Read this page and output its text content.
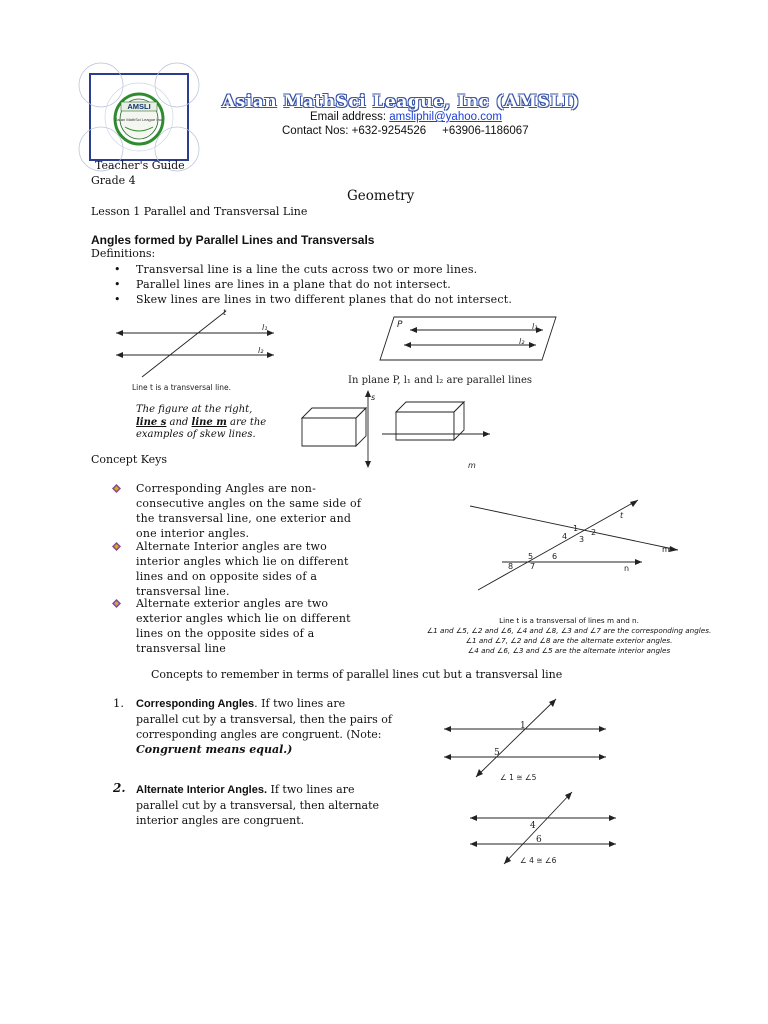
AMSLI
Asian MathSci League Inc.
Asian MathSci League, Inc (AMSLI)
Email address: amsliphil@yahoo.com
Contact Nos: +632-9254526     +63906-1186067
Teacher's Guide
Grade 4
Geometry
Lesson 1 Parallel and Transversal Line
Angles formed by Parallel Lines and Transversals
Definitions:
• Transversal line is a line the cuts across two or more lines.
• Parallel lines are lines in a plane that do not intersect.
• Skew lines are lines in two different planes that do not intersect.
t
l₁
l₂
Line t is a transversal line.
P	l₁
l₂
In plane P, l₁ and l₂ are parallel lines
The figure at the right,
line s and line m are the
examples of skew lines.
s
m
Concept Keys
Corresponding Angles are non-
consecutive angles on the same side of
the transversal line, one exterior and
one interior angles.
Alternate Interior angles are two
interior angles which lie on different
lines and on opposite sides of a
transversal line.
Alternate exterior angles are two
exterior angles which lie on different
lines on the opposite sides of a
transversal line
t
m
n
1 2
3
4
5 6
7
8
Line t is a transversal of lines m and n.
∠1 and ∠5, ∠2 and ∠6, ∠4 and ∠8, ∠3 and ∠7 are the corresponding angles.
∠1 and ∠7, ∠2 and ∠8 are the alternate exterior angles.
∠4 and ∠6, ∠3 and ∠5 are the alternate interior angles
Concepts to remember in terms of parallel lines cut but a transversal line
1. Corresponding Angles. If two lines are
parallel cut by a transversal, then the pairs of
corresponding angles are congruent. (Note:
Congruent means equal.)
1
5
∠ 1 ≅ ∠5
2. Alternate Interior Angles. If two lines are
parallel cut by a transversal, then alternate
interior angles are congruent.	4
6
∠ 4 ≅ ∠6
